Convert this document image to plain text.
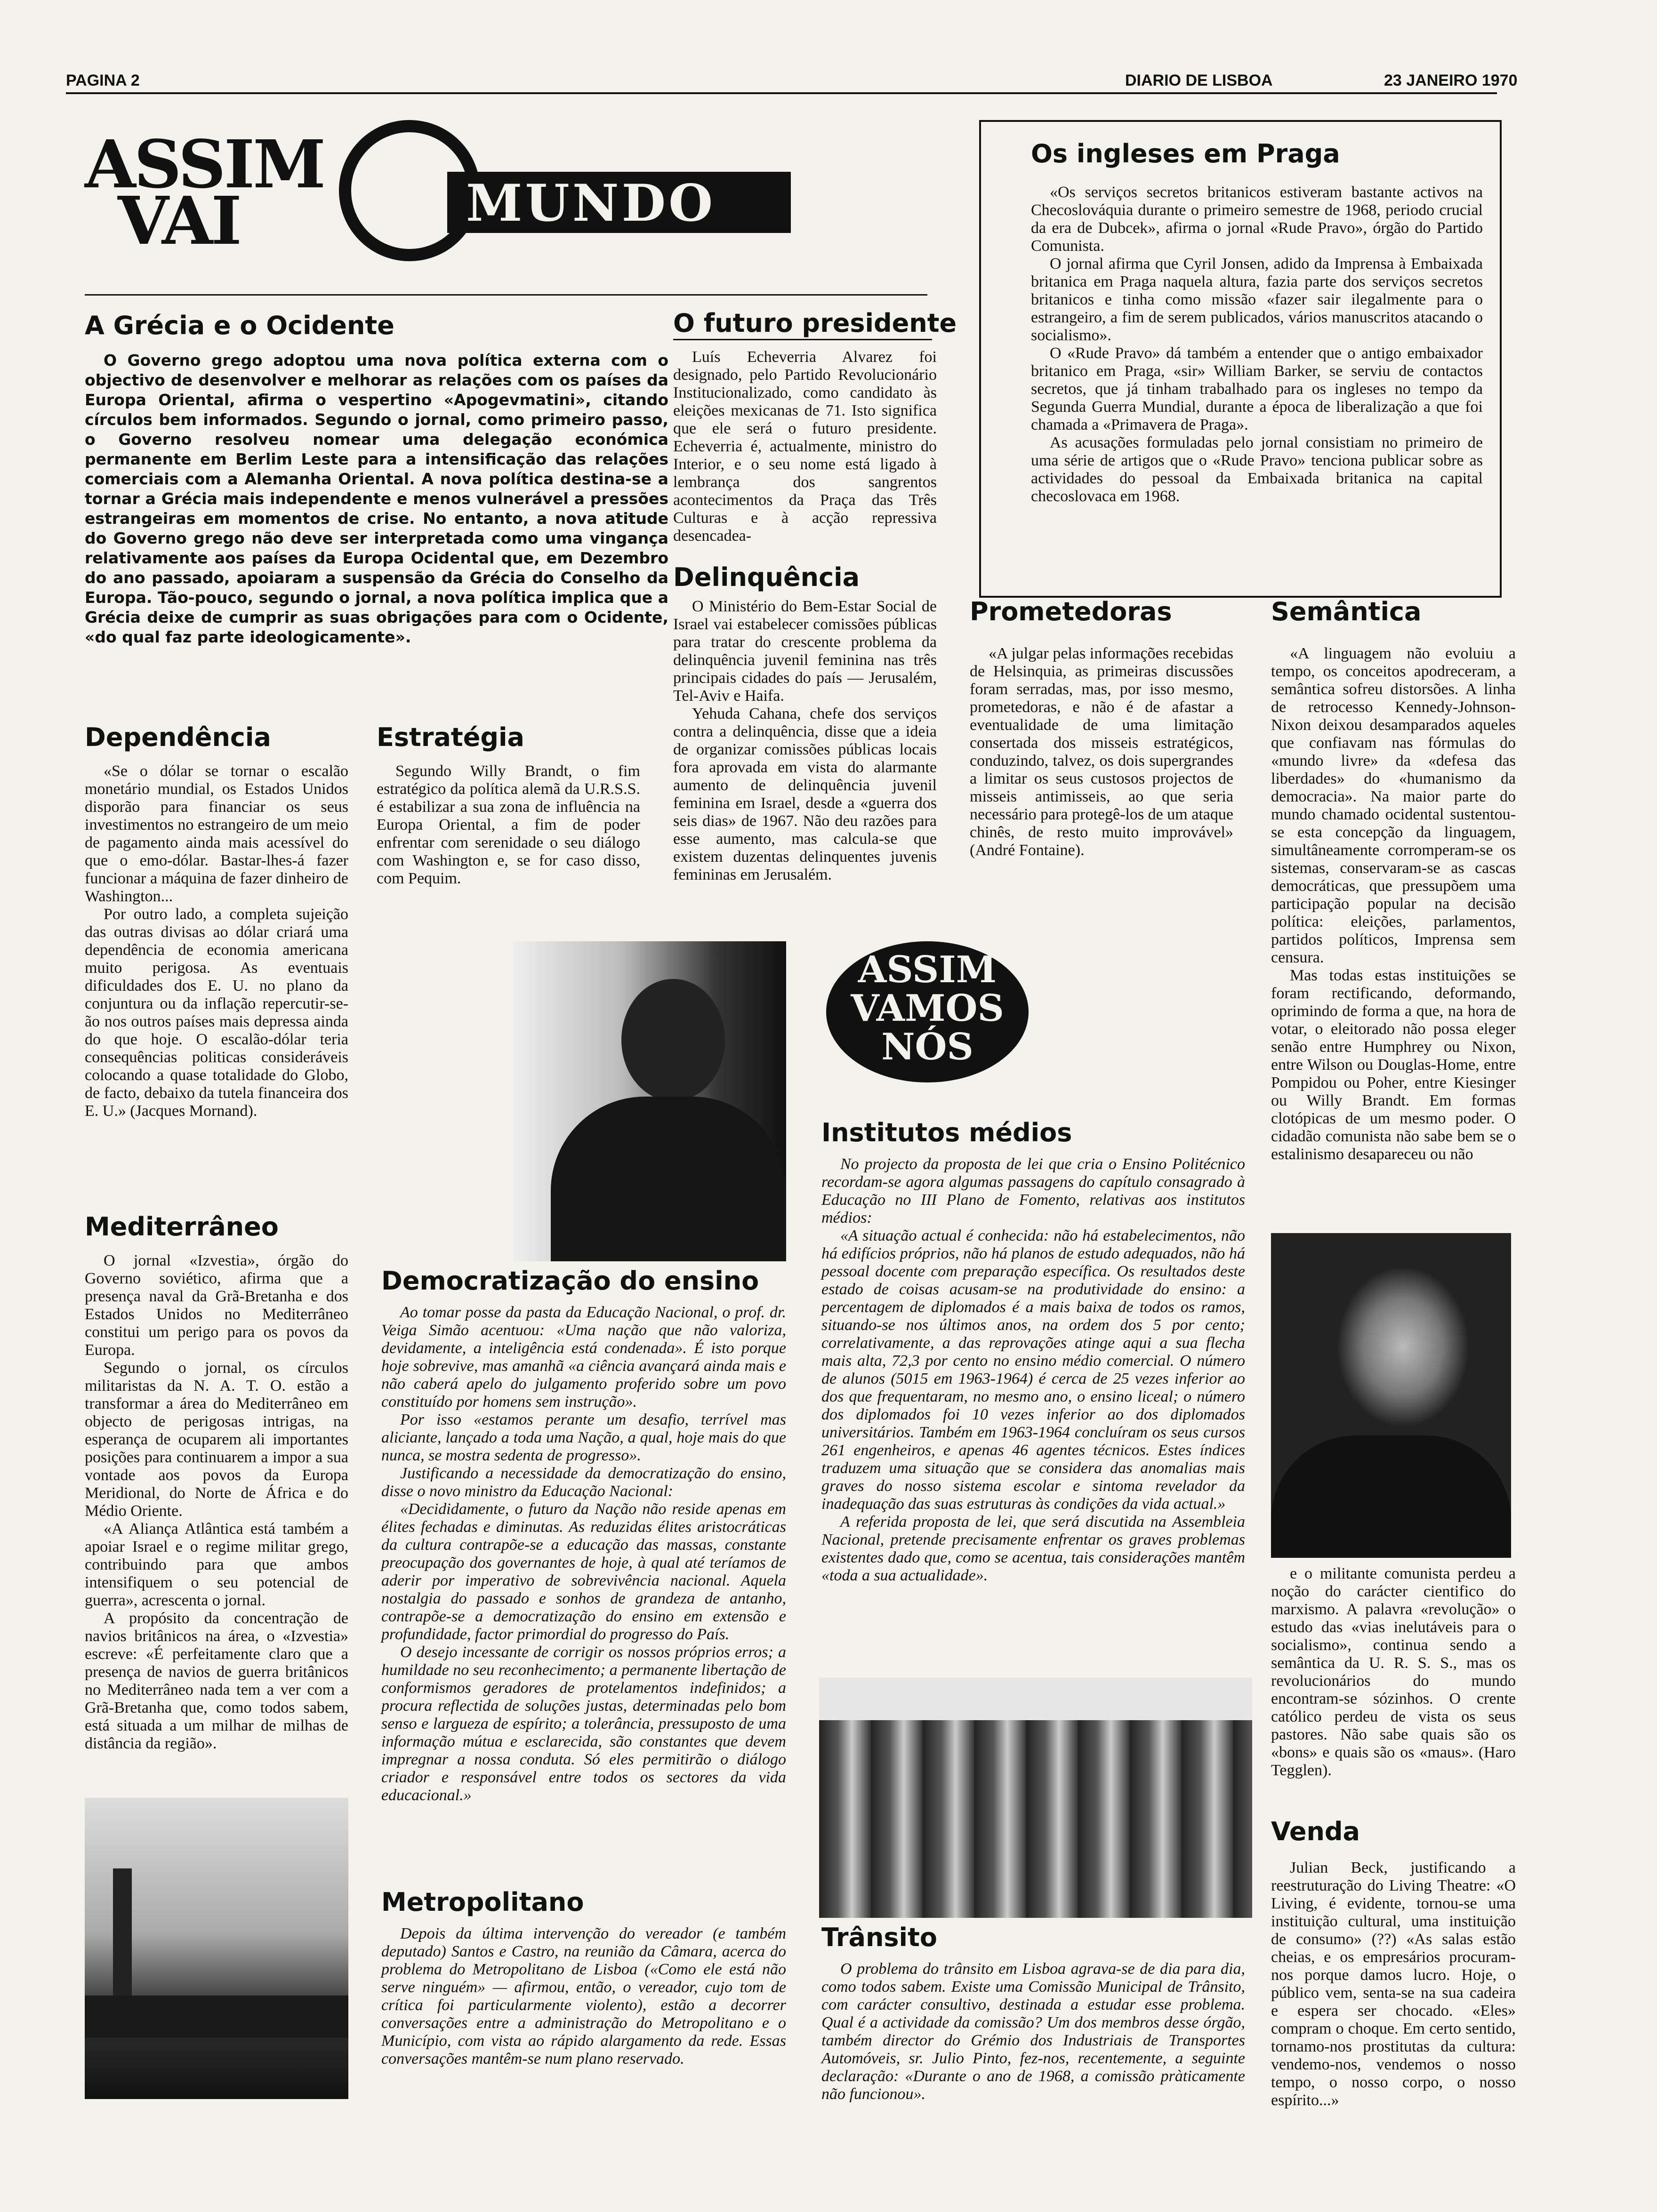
PAGINA 2	DIARIO DE LISBOA	23 JANEIRO 1970
ASSIM
VAI	MUNDO
A Grécia e o Ocidente
O Governo grego adoptou uma nova política externa com o objectivo de desenvolver e melhorar as relações com os países da Europa Oriental, afirma o vespertino «Apogevmatini», citando círculos bem informados. Segundo o jornal, como primeiro passo, o Governo resolveu nomear uma delegação económica permanente em Berlim Leste para a intensificação das relações comerciais com a Alemanha Oriental. A nova política destina-se a tornar a Grécia mais independente e menos vulnerável a pressões estrangeiras em momentos de crise. No entanto, a nova atitude do Governo grego não deve ser interpretada como uma vingança relativamente aos países da Europa Ocidental que, em Dezembro do ano passado, apoiaram a suspensão da Grécia do Conselho da Europa. Tão-pouco, segundo o jornal, a nova política implica que a Grécia deixe de cumprir as suas obrigações para com o Ocidente, «do qual faz parte ideologicamente».
O futuro presidente

Luís Echeverria Alvarez foi designado, pelo Partido Revolucionário Institucionalizado, como candidato às eleições mexicanas de 71. Isto significa que ele será o futuro presidente. Echeverria é, actualmente, ministro do Interior, e o seu nome está ligado à lembrança dos sangrentos acontecimentos da Praça das Três Culturas e à acção repressiva desencadea-

Os ingleses em Praga

«Os serviços secretos britanicos estiveram bastante activos na Checoslováquia durante o primeiro semestre de 1968, periodo crucial da era de Dubcek», afirma o jornal «Rude Pravo», órgão do Partido Comunista.

O jornal afirma que Cyril Jonsen, adido da Imprensa à Embaixada britanica em Praga naquela altura, fazia parte dos serviços secretos britanicos e tinha como missão «fazer sair ilegalmente para o estrangeiro, a fim de serem publicados, vários manuscritos atacando o socialismo».

O «Rude Pravo» dá também a entender que o antigo embaixador britanico em Praga, «sir» William Barker, se serviu de contactos secretos, que já tinham trabalhado para os ingleses no tempo da Segunda Guerra Mundial, durante a época de liberalização a que foi chamada a «Primavera de Praga».

As acusações formuladas pelo jornal consistiam no primeiro de uma série de artigos que o «Rude Pravo» tenciona publicar sobre as actividades do pessoal da Embaixada britanica na capital checoslovaca em 1968.

Delinquência

O Ministério do Bem-Estar Social de Israel vai estabelecer comissões públicas para tratar do crescente problema da delinquência juvenil feminina nas três principais cidades do país — Jerusalém, Tel-Aviv e Haifa.

Yehuda Cahana, chefe dos serviços contra a delinquência, disse que a ideia de organizar comissões públicas locais fora aprovada em vista do alarmante aumento de delinquência juvenil feminina em Israel, desde a «guerra dos seis dias» de 1967. Não deu razões para esse aumento, mas calcula-se que existem duzentas delinquentes juvenis femininas em Jerusalém.

Dependência

«Se o dólar se tornar o escalão monetário mundial, os Estados Unidos disporão para financiar os seus investimentos no estrangeiro de um meio de pagamento ainda mais acessível do que o emo-dólar. Bastar-lhes-á fazer funcionar a máquina de fazer dinheiro de Washington...

Por outro lado, a completa sujeição das outras divisas ao dólar criará uma dependência de economia americana muito perigosa. As eventuais dificuldades dos E. U. no plano da conjuntura ou da inflação repercutir-se-ão nos outros países mais depressa ainda do que hoje. O escalão-dólar teria consequências politicas consideráveis colocando a quase totalidade do Globo, de facto, debaixo da tutela financeira dos E. U.» (Jacques Mornand).

Estratégia

Segundo Willy Brandt, o fim estratégico da política alemã da U.R.S.S. é estabilizar a sua zona de influência na Europa Oriental, a fim de poder enfrentar com serenidade o seu diálogo com Washington e, se for caso disso, com Pequim.

Prometedoras

«A julgar pelas informações recebidas de Helsinquia, as primeiras discussões foram serradas, mas, por isso mesmo, prometedoras, e não é de afastar a eventualidade de uma limitação consertada dos misseis estratégicos, conduzindo, talvez, os dois supergrandes a limitar os seus custosos projectos de misseis antimisseis, ao que seria necessário para protegê-los de um ataque chinês, de resto muito improvável» (André Fontaine).

Semântica

«A linguagem não evoluiu a tempo, os conceitos apodreceram, a semântica sofreu distorsões. A linha de retrocesso Kennedy-Johnson-Nixon deixou desamparados aqueles que confiavam nas fórmulas do «mundo livre» da «defesa das liberdades» do «humanismo da democracia». Na maior parte do mundo chamado ocidental sustentou-se esta concepção da linguagem, simultâneamente corromperam-se os sistemas, conservaram-se as cascas democráticas, que pressupõem uma participação popular na decisão política: eleições, parlamentos, partidos políticos, Imprensa sem censura.

Mas todas estas instituições se foram rectificando, deformando, oprimindo de forma a que, na hora de votar, o eleitorado não possa eleger senão entre Humphrey ou Nixon, entre Wilson ou Douglas-Home, entre Pompidou ou Poher, entre Kiesinger ou Willy Brandt. Em formas clotópicas de um mesmo poder. O cidadão comunista não sabe bem se o estalinismo desapareceu ou não

e o militante comunista perdeu a noção do carácter cientifico do marxismo. A palavra «revolução» o estudo das «vias inelutáveis para o socialismo», continua sendo a semântica da U. R. S. S., mas os revolucionários do mundo encontram-se sózinhos. O crente católico perdeu de vista os seus pastores. Não sabe quais são os «bons» e quais são os «maus». (Haro Tegglen).

Venda

Julian Beck, justificando a reestruturação do Living Theatre: «O Living, é evidente, tornou-se uma instituição cultural, uma instituição de consumo» (??) «As salas estão cheias, e os empresários procuram-nos porque damos lucro. Hoje, o público vem, senta-se na sua cadeira e espera ser chocado. «Eles» compram o choque. Em certo sentido, tornamo-nos prostitutas da cultura: vendemo-nos, vendemos o nosso tempo, o nosso corpo, o nosso espírito...»

Mediterrâneo

O jornal «Izvestia», órgão do Governo soviético, afirma que a presença naval da Grã-Bretanha e dos Estados Unidos no Mediterrâneo constitui um perigo para os povos da Europa.

Segundo o jornal, os círculos militaristas da N. A. T. O. estão a transformar a área do Mediterrâneo em objecto de perigosas intrigas, na esperança de ocuparem ali importantes posições para continuarem a impor a sua vontade aos povos da Europa Meridional, do Norte de África e do Médio Oriente.

«A Aliança Atlântica está também a apoiar Israel e o regime militar grego, contribuindo para que ambos intensifiquem o seu potencial de guerra», acrescenta o jornal.

A propósito da concentração de navios britânicos na área, o «Izvestia» escreve: «É perfeitamente claro que a presença de navios de guerra britânicos no Mediterrâneo nada tem a ver com a Grã-Bretanha que, como todos sabem, está situada a um milhar de milhas de distância da região».

Democratização do ensino

Ao tomar posse da pasta da Educação Nacional, o prof. dr. Veiga Simão acentuou: «Uma nação que não valoriza, devidamente, a inteligência está condenada». É isto porque hoje sobrevive, mas amanhã «a ciência avançará ainda mais e não caberá apelo do julgamento proferido sobre um povo constituído por homens sem instrução».

Por isso «estamos perante um desafio, terrível mas aliciante, lançado a toda uma Nação, a qual, hoje mais do que nunca, se mostra sedenta de progresso».

Justificando a necessidade da democratização do ensino, disse o novo ministro da Educação Nacional:

«Decididamente, o futuro da Nação não reside apenas em élites fechadas e diminutas. As reduzidas élites aristocráticas da cultura contrapõe-se a educação das massas, constante preocupação dos governantes de hoje, à qual até teríamos de aderir por imperativo de sobrevivência nacional. Aquela nostalgia do passado e sonhos de grandeza de antanho, contrapõe-se a democratização do ensino em extensão e profundidade, factor primordial do progresso do País.

O desejo incessante de corrigir os nossos próprios erros; a humildade no seu reconhecimento; a permanente libertação de conformismos geradores de protelamentos indefinidos; a procura reflectida de soluções justas, determinadas pelo bom senso e largueza de espírito; a tolerância, pressuposto de uma informação mútua e esclarecida, são constantes que devem impregnar a nossa conduta. Só eles permitirão o diálogo criador e responsável entre todos os sectores da vida educacional.»

Metropolitano

Depois da última intervenção do vereador (e também deputado) Santos e Castro, na reunião da Câmara, acerca do problema do Metropolitano de Lisboa («Como ele está não serve ninguém» — afirmou, então, o vereador, cujo tom de crítica foi particularmente violento), estão a decorrer conversações entre a administração do Metropolitano e o Município, com vista ao rápido alargamento da rede. Essas conversações mantêm-se num plano reservado.

ASSIM
VAMOS
NÓS
Institutos médios

No projecto da proposta de lei que cria o Ensino Politécnico recordam-se agora algumas passagens do capítulo consagrado à Educação no III Plano de Fomento, relativas aos institutos médios:

«A situação actual é conhecida: não há estabelecimentos, não há edifícios próprios, não há planos de estudo adequados, não há pessoal docente com preparação específica. Os resultados deste estado de coisas acusam-se na produtividade do ensino: a percentagem de diplomados é a mais baixa de todos os ramos, situando-se nos últimos anos, na ordem dos 5 por cento; correlativamente, a das reprovações atinge aqui a sua flecha mais alta, 72,3 por cento no ensino médio comercial. O número de alunos (5015 em 1963-1964) é cerca de 25 vezes inferior ao dos que frequentaram, no mesmo ano, o ensino liceal; o número dos diplomados foi 10 vezes inferior ao dos diplomados universitários. Também em 1963-1964 concluíram os seus cursos 261 engenheiros, e apenas 46 agentes técnicos. Estes índices traduzem uma situação que se considera das anomalias mais graves do nosso sistema escolar e sintoma revelador da inadequação das suas estruturas às condições da vida actual.»

A referida proposta de lei, que será discutida na Assembleia Nacional, pretende precisamente enfrentar os graves problemas existentes dado que, como se acentua, tais considerações mantêm «toda a sua actualidade».

Trânsito

O problema do trânsito em Lisboa agrava-se de dia para dia, como todos sabem. Existe uma Comissão Municipal de Trânsito, com carácter consultivo, destinada a estudar esse problema. Qual é a actividade da comissão? Um dos membros desse órgão, também director do Grémio dos Industriais de Transportes Automóveis, sr. Julio Pinto, fez-nos, recentemente, a seguinte declaração: «Durante o ano de 1968, a comissão pràticamente não funcionou».
